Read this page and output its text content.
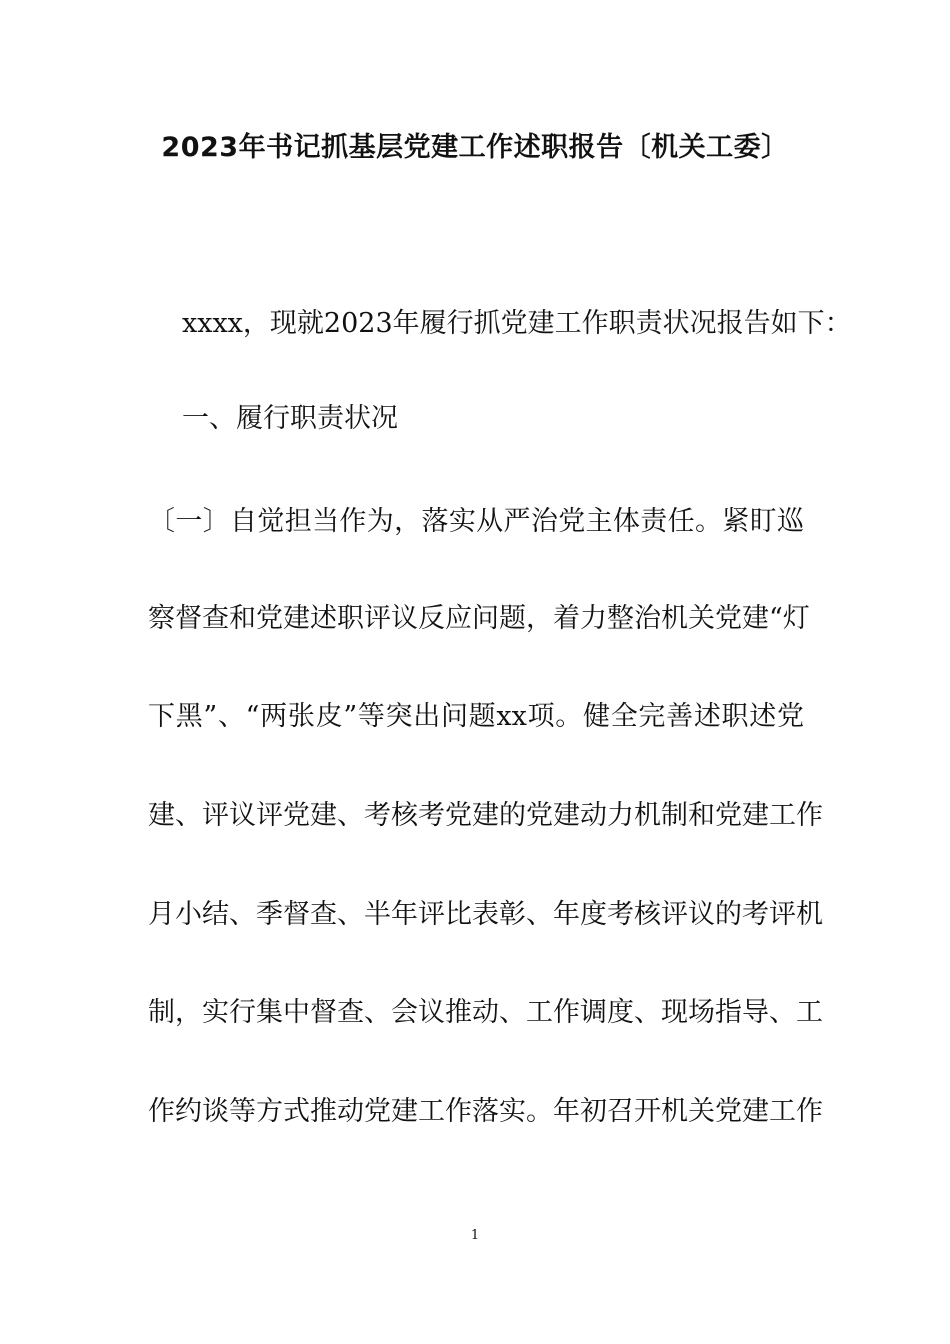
2023年书记抓基层党建工作述职报告〔机关工委〕
xxxx，现就2023年履行抓党建工作职责状况报告如下：
一、履行职责状况
〔一〕自觉担当作为，落实从严治党主体责任。紧盯巡
察督查和党建述职评议反应问题，着力整治机关党建“灯
下黑”、“两张皮”等突出问题xx项。健全完善述职述党
建、评议评党建、考核考党建的党建动力机制和党建工作
月小结、季督查、半年评比表彰、年度考核评议的考评机
制，实行集中督查、会议推动、工作调度、现场指导、工
作约谈等方式推动党建工作落实。年初召开机关党建工作
1
